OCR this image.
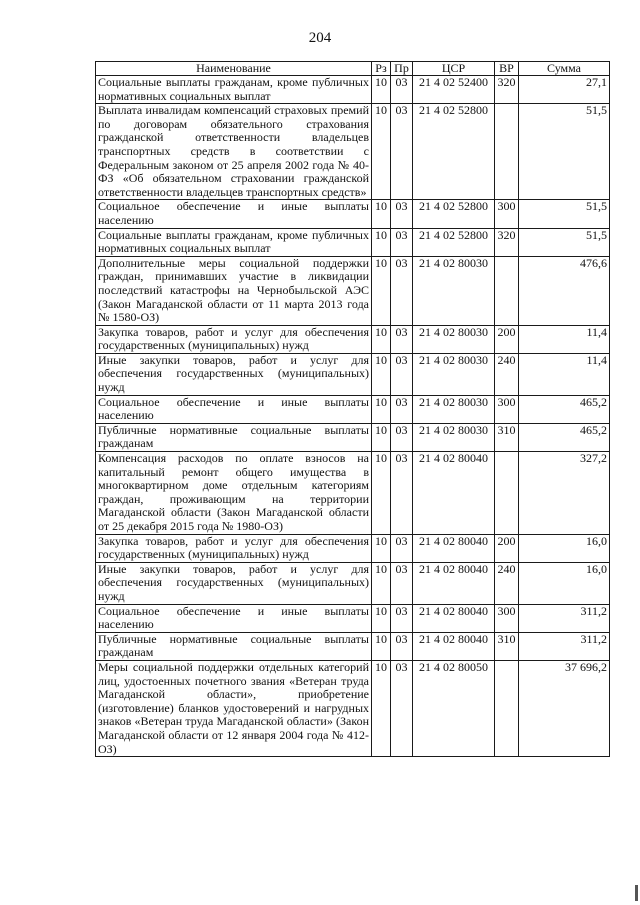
204
Наименование	Рз	Пр	ЦСР	ВР	Сумма
Социальные выплаты гражданам, кроме публичных нормативных социальных выплат	10	03	21 4 02 52400	320	27,1
Выплата инвалидам компенсаций страховых премий по договорам обязательного страхования гражданской ответственности владельцев транспортных средств в соответствии с Федеральным законом от 25 апреля 2002 года № 40-ФЗ «Об обязательном страховании гражданской ответственности владельцев транспортных средств»	10	03	21 4 02 52800		51,5
Социальное обеспечение и иные выплаты населению	10	03	21 4 02 52800	300	51,5
Социальные выплаты гражданам, кроме публичных нормативных социальных выплат	10	03	21 4 02 52800	320	51,5
Дополнительные меры социальной поддержки граждан, принимавших участие в ликвидации последствий катастрофы на Чернобыльской АЭС (Закон Магаданской области от 11 марта 2013 года № 1580-ОЗ)	10	03	21 4 02 80030		476,6
Закупка товаров, работ и услуг для обеспечения государственных (муниципальных) нужд	10	03	21 4 02 80030	200	11,4
Иные закупки товаров, работ и услуг для обеспечения государственных (муниципальных) нужд	10	03	21 4 02 80030	240	11,4
Социальное обеспечение и иные выплаты населению	10	03	21 4 02 80030	300	465,2
Публичные нормативные социальные выплаты гражданам	10	03	21 4 02 80030	310	465,2
Компенсация расходов по оплате взносов на капитальный ремонт общего имущества в многоквартирном доме отдельным категориям граждан, проживающим на территории Магаданской области (Закон Магаданской области от 25 декабря 2015 года № 1980-ОЗ)	10	03	21 4 02 80040		327,2
Закупка товаров, работ и услуг для обеспечения государственных (муниципальных) нужд	10	03	21 4 02 80040	200	16,0
Иные закупки товаров, работ и услуг для обеспечения государственных (муниципальных) нужд	10	03	21 4 02 80040	240	16,0
Социальное обеспечение и иные выплаты населению	10	03	21 4 02 80040	300	311,2
Публичные нормативные социальные выплаты гражданам	10	03	21 4 02 80040	310	311,2
Меры социальной поддержки отдельных категорий лиц, удостоенных почетного звания «Ветеран труда Магаданской области», приобретение (изготовление) бланков удостоверений и нагрудных знаков «Ветеран труда Магаданской области» (Закон Магаданской области от 12 января 2004 года № 412-ОЗ)	10	03	21 4 02 80050		37 696,2
